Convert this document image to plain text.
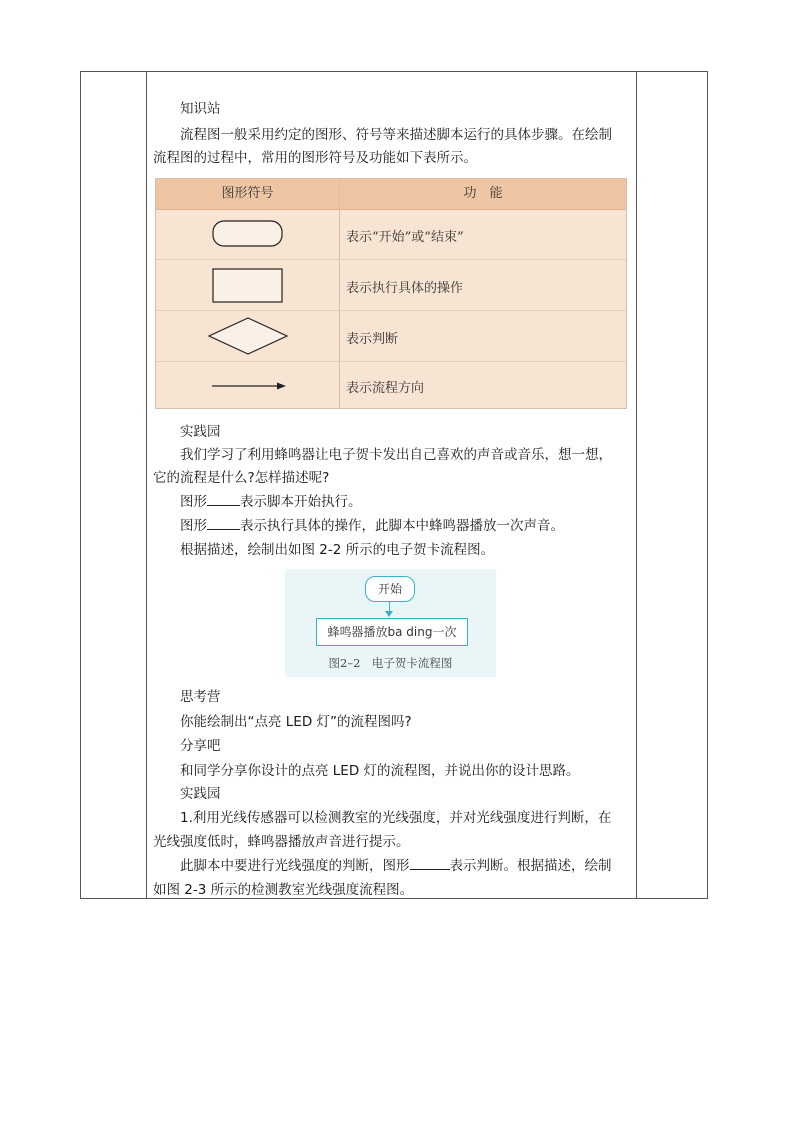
知识站
流程图一般采用约定的图形、符号等来描述脚本运行的具体步骤。在绘制
流程图的过程中，常用的图形符号及功能如下表所示。
图形符号	功　能
表示“开始”或“结束”
表示执行具体的操作
表示判断
表示流程方向
实践园
我们学习了利用蜂鸣器让电子贺卡发出自己喜欢的声音或音乐，想一想，
它的流程是什么?怎样描述呢?
图形 表示脚本开始执行。
图形 表示执行具体的操作，此脚本中蜂鸣器播放一次声音。
根据描述，绘制出如图 2-2 所示的电子贺卡流程图。
开始
蜂鸣器播放ba ding一次
图2–2　电子贺卡流程图
思考营
你能绘制出“点亮 LED 灯”的流程图吗?
分享吧
和同学分享你设计的点亮 LED 灯的流程图，并说出你的设计思路。
实践园
1.利用光线传感器可以检测教室的光线强度，并对光线强度进行判断，在
光线强度低时，蜂鸣器播放声音进行提示。
此脚本中要进行光线强度的判断，图形	表示判断。根据描述，绘制
如图 2-3 所示的检测教室光线强度流程图。
